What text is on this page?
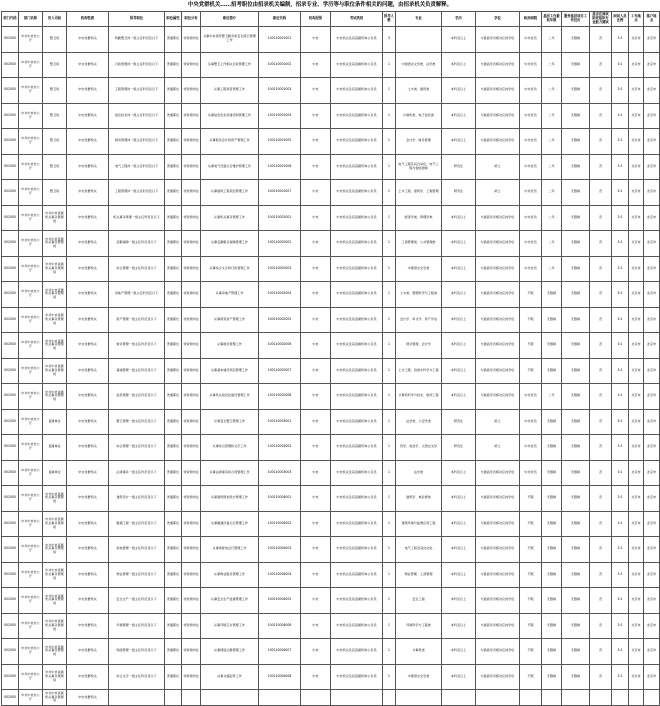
中央党群机关……招考职位由招录机关编制，招录专业、学历等与职位条件相关的问题，由招录机关负责解释。
部门代码	部门名称	用人司局	机构性质	招考职位	职位属性	职位分布	职位简介	职位代码	机构层级	考试类别	招考人数	专业	学历	学位	政治面貌	基层工作最低年限	服务基层项目工作经历	是否在面试阶段组织专业能力测试	面试人员比例	工作地点	落户地点
002000	中共中央办公厅	警卫局	中央党群机关	特勤警卫岗一级主任科员及以下	普通职位	非资源岗位	从事中央领导警卫勤务和安全保卫管理工作	100110001001	中央	中央机关及其直属机构公务员	3		本科及以上	与最高学历相对应的学位	中共党员	二年	无限制	否	3:1	北京市	北京市
002000	中共中央办公厅	警卫局	中央党群机关	行政管理岗一级主任科员及以下	普通职位	非资源岗位	从事警卫工作相关行政管理工作	100110001002	中央	中央机关及其直属机构公务员	1	中国语言文学类、法学类	本科及以上	与最高学历相对应的学位	中共党员	二年	无限制	否	3:1	北京市	北京市
002000	中共中央办公厅	警卫局	中央党群机关	工程管理岗一级主任科员及以下	普通职位	非资源岗位	从事工程项目管理工作	100110001003	中央	中央机关及其直属机构公务员	1	土木类、建筑类	本科及以上	与最高学历相对应的学位	中共党员	二年	无限制	否	3:1	北京市	北京市
002000	中共中央办公厅	警卫局	中央党群机关	信息技术岗一级主任科员及以下	普通职位	非资源岗位	从事信息化系统建设和管理工作	100110001004	中央	中央机关及其直属机构公务员	1	计算机类、电子信息类	本科及以上	与最高学历相对应的学位	中共党员	二年	无限制	否	3:1	北京市	北京市
002000	中共中央办公厅	警卫局	中央党群机关	财务管理岗一级主任科员及以下	普通职位	非资源岗位	从事财务会计和资产管理工作	100110001005	中央	中央机关及其直属机构公务员	1	会计学、财务管理	本科及以上	与最高学历相对应的学位	中共党员	二年	无限制	否	3:1	北京市	北京市
002000	中共中央办公厅	警卫局	中央党群机关	电气工程岗一级主任科员及以下	普通职位	非资源岗位	从事电气设备运行维护管理工作	100110001006	中央	中央机关及其直属机构公务员	1	电气工程及其自动化、电气工程与智能控制	研究生	硕士	中共党员	二年	无限制	否	3:1	北京市	北京市
002000	中共中央办公厅	警卫局	中央党群机关	工程管理岗一级主任科员及以下	普通职位	非资源岗位	从事建筑工程项目管理工作	100110001007	中央	中央机关及其直属机构公务员	1	土木工程、建筑学、工程管理	研究生	硕士	中共党员	二年	无限制	否	3:1	北京市	北京市
002000	中共中央办公厅	中共中央直属机关事务管理局	中央党群机关	机关事务管理一级主任科员及以下	普通职位	非资源岗位	从事机关事务管理工作	100110002001	中央	中央机关及其直属机构公务员	1	经济学类、管理学类	本科及以上	与最高学历相对应的学位	中共党员	二年	无限制	否	3:1	北京市	北京市
002000	中共中央办公厅	中共中央直属机关事务管理局	中央党群机关	后勤保障一级主任科员及以下	普通职位	非资源岗位	从事后勤服务保障管理工作	100110002002	中央	中央机关及其直属机构公务员	1	工商管理类、公共管理类	本科及以上	与最高学历相对应的学位	中共党员	二年	无限制	否	3:1	北京市	北京市
002000	中共中央办公厅	中共中央直属机关事务管理局	中央党群机关	综合管理一级主任科员及以下	普通职位	非资源岗位	从事综合文字和行政管理工作	100110002003	中央	中央机关及其直属机构公务员	1	中国语言文学类	本科及以上	与最高学历相对应的学位	中共党员	二年	无限制	否	3:1	北京市	北京市
002000	中共中央办公厅	中共中央直属机关事务管理局	中央党群机关	房地产管理一级主任科员及以下	普通职位	非资源岗位	从事房地产管理工作	100110002004	中央	中央机关及其直属机构公务员	1	土木类、管理科学与工程类	本科及以上	与最高学历相对应的学位	不限	无限制	无限制	否	3:1	北京市	北京市
002000	中共中央办公厅	中共中央直属机关事务管理局	中央党群机关	资产管理一级主任科员及以下	普通职位	非资源岗位	从事国有资产管理工作	100110002005	中央	中央机关及其直属机构公务员	1	会计学、审计学、资产评估	本科及以上	与最高学历相对应的学位	不限	无限制	无限制	否	3:1	北京市	北京市
002000	中共中央办公厅	中共中央直属机关事务管理局	中央党群机关	财务管理一级主任科员及以下	普通职位	非资源岗位	从事财务管理工作	100110002006	中央	中央机关及其直属机构公务员	1	财务管理、会计学	本科及以上	与最高学历相对应的学位	不限	无限制	无限制	否	3:1	北京市	北京市
002000	中共中央办公厅	中共中央直属机关事务管理局	中央党群机关	基建管理一级主任科员及以下	普通职位	非资源岗位	从事基本建设项目管理工作	100110002007	中央	中央机关及其直属机构公务员	1	土木工程、给排水科学与工程	本科及以上	与最高学历相对应的学位	不限	无限制	无限制	否	3:1	北京市	北京市
002000	中共中央办公厅	中共中央直属机关事务管理局	中央党群机关	信息管理一级主任科员及以下	普通职位	非资源岗位	从事机关信息化建设管理工作	100110002008	中央	中央机关及其直属机构公务员	1	计算机科学与技术、软件工程	本科及以上	与最高学历相对应的学位	中共党员	二年	无限制	否	3:1	北京市	北京市
002000	中共中央办公厅	直属单位	中央党群机关	警卫管理一级主任科员及以下	普通职位	非资源岗位	从事安全警卫管理工作	100110003001	中央	中央机关及其直属机构公务员	1	法学类、公安学类	研究生	硕士	中共党员	无限制	无限制	否	3:1	北京市	北京市
002000	中共中央办公厅	直属单位	中央党群机关	综合管理一级主任科员及以下	普通职位	非资源岗位	从事综合管理和文字工作	100110003002	中央	中央机关及其直属机构公务员	1	哲学、政治学、汉语言文学	研究生	硕士	中共党员	无限制	无限制	否	3:1	北京市	北京市
002000	中共中央办公厅	直属单位	中央党群机关	法律事务一级主任科员及以下	普通职位	非资源岗位	从事法律事务和合同管理工作	100110003003	中央	中央机关及其直属机构公务员	1	法学类	本科及以上	与最高学历相对应的学位	中共党员	无限制	无限制	否	3:1	北京市	北京市
002000	中共中央办公厅	中共中央直属机关事务管理局	中央党群机关	建筑设计一级主任科员及以下	普通职位	非资源岗位	从事建筑规划设计管理工作	100110004001	中央	中央机关及其直属机构公务员	1	建筑学、城乡规划	本科及以上	与最高学历相对应的学位	不限	无限制	无限制	否	3:1	北京市	北京市
002000	中共中央办公厅	中共中央直属机关事务管理局	中央党群机关	暖通工程一级主任科员及以下	普通职位	非资源岗位	从事暖通设备运行管理工作	100110004002	中央	中央机关及其直属机构公务员	1	建筑环境与能源应用工程	本科及以上	与最高学历相对应的学位	不限	无限制	无限制	否	3:1	北京市	北京市
002000	中共中央办公厅	中共中央直属机关事务管理局	中央党群机关	供电管理一级主任科员及以下	普通职位	非资源岗位	从事供配电运行管理工作	100110004003	中央	中央机关及其直属机构公务员	1	电气工程及其自动化	本科及以上	与最高学历相对应的学位	不限	无限制	无限制	否	3:1	北京市	北京市
002000	中共中央办公厅	中共中央直属机关事务管理局	中央党群机关	物业管理一级主任科员及以下	普通职位	非资源岗位	从事物业服务管理工作	100110004004	中央	中央机关及其直属机构公务员	1	物业管理、工商管理	本科及以上	与最高学历相对应的学位	不限	无限制	无限制	否	3:1	北京市	北京市
002000	中共中央办公厅	中共中央直属机关事务管理局	中央党群机关	安全生产一级主任科员及以下	普通职位	非资源岗位	从事安全生产监督管理工作	100110004005	中央	中央机关及其直属机构公务员	1	安全工程	本科及以上	与最高学历相对应的学位	不限	无限制	无限制	否	3:1	北京市	北京市
002000	中共中央办公厅	中共中央直属机关事务管理局	中央党群机关	环境管理一级主任科员及以下	普通职位	非资源岗位	从事环境卫生管理工作	100110004006	中央	中央机关及其直属机构公务员	1	环境科学与工程类	本科及以上	与最高学历相对应的学位	不限	无限制	无限制	否	3:1	北京市	北京市
002000	中共中央办公厅	中共中央直属机关事务管理局	中央党群机关	网络管理一级主任科员及以下	普通职位	非资源岗位	从事网络运维管理工作	100110004007	中央	中央机关及其直属机构公务员	1	计算机类	本科及以上	与最高学历相对应的学位	不限	无限制	无限制	否	3:1	北京市	北京市
002000	中共中央办公厅	中共中央直属机关事务管理局	中央党群机关	综合文字一级主任科员及以下	普通职位	非资源岗位	从事文稿起草工作	100110004008	中央	中央机关及其直属机构公务员	1	中国语言文学类	本科及以上	与最高学历相对应的学位	不限	无限制	无限制	否	3:1	北京市	北京市
002000	中共中央办公厅	中共中央直属机关事务管理局	中央党群机关																		
